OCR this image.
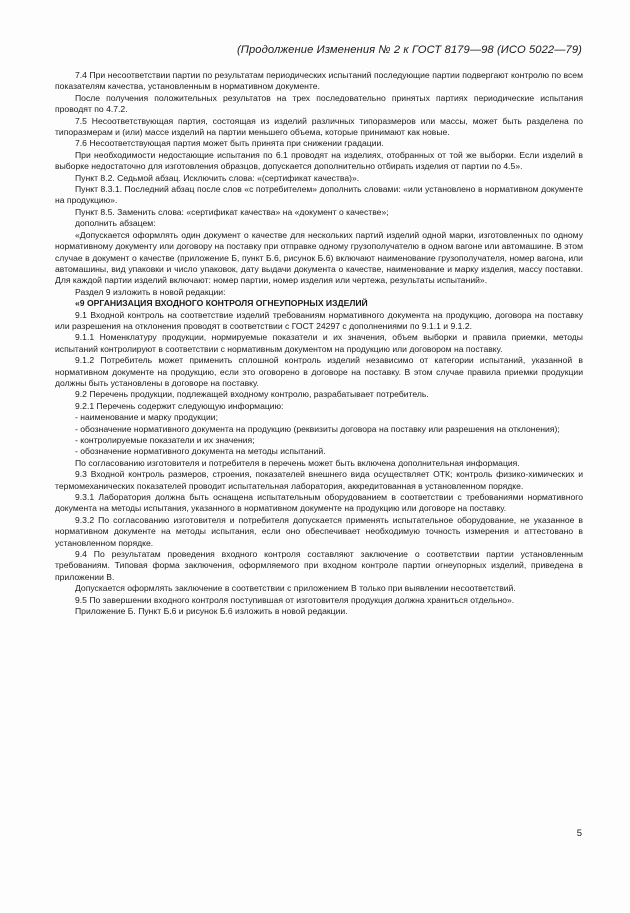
(Продолжение Изменения № 2 к ГОСТ 8179—98 (ИСО 5022—79)

7.4 При несоответствии партии по результатам периодических испытаний последующие партии подвергают контролю по всем показателям качества, установленным в нормативном документе.

После получения положительных результатов на трех последовательно принятых партиях периодические испытания проводят по 4.7.2.

7.5 Несоответствующая партия, состоящая из изделий различных типоразмеров или массы, может быть разделена по типоразмерам и (или) массе изделий на партии меньшего объема, которые принимают как новые.

7.6 Несоответствующая партия может быть принята при снижении градации.

При необходимости недостающие испытания по 6.1 проводят на изделиях, отобранных от той же выборки. Если изделий в выборке недостаточно для изготовления образцов, допускается дополнительно отбирать изделия от партии по 4.5».

Пункт 8.2. Седьмой абзац. Исключить слова: «(сертификат качества)».

Пункт 8.3.1. Последний абзац после слов «с потребителем» дополнить словами: «или установлено в нормативном документе на продукцию».

Пункт 8.5. Заменить слова: «сертификат качества» на «документ о качестве»;

дополнить абзацем:

«Допускается оформлять один документ о качестве для нескольких партий изделий одной марки, изготовленных по одному нормативному документу или договору на поставку при отправке одному грузополучателю в одном вагоне или автомашине. В этом случае в документ о качестве (приложение Б, пункт Б.6, рисунок Б.6) включают наименование грузополучателя, номер вагона, или автомашины, вид упаковки и число упаковок, дату выдачи документа о качестве, наименование и марку изделия, массу поставки. Для каждой партии изделий включают: номер партии, номер изделия или чертежа, результаты испытаний».

Раздел 9 изложить в новой редакции:

«9 ОРГАНИЗАЦИЯ ВХОДНОГО КОНТРОЛЯ ОГНЕУПОРНЫХ ИЗДЕЛИЙ

9.1 Входной контроль на соответствие изделий требованиям нормативного документа на продукцию, договора на поставку или разрешения на отклонения проводят в соответствии с ГОСТ 24297 с дополнениями по 9.1.1 и 9.1.2.

9.1.1 Номенклатуру продукции, нормируемые показатели и их значения, объем выборки и правила приемки, методы испытаний контролируют в соответствии с нормативным документом на продукцию или договором на поставку.

9.1.2 Потребитель может применить сплошной контроль изделий независимо от категории испытаний, указанной в нормативном документе на продукцию, если это оговорено в договоре на поставку. В этом случае правила приемки продукции должны быть установлены в договоре на поставку.

9.2 Перечень продукции, подлежащей входному контролю, разрабатывает потребитель.

9.2.1 Перечень содержит следующую информацию:

- наименование и марку продукции;

- обозначение нормативного документа на продукцию (реквизиты договора на поставку или разрешения на отклонения);

- контролируемые показатели и их значения;

- обозначение нормативного документа на методы испытаний.

По согласованию изготовителя и потребителя в перечень может быть включена дополнительная информация.

9.3 Входной контроль размеров, строения, показателей внешнего вида осуществляет ОТК; контроль физико-химических и термомеханических показателей проводит испытательная лаборатория, аккредитованная в установленном порядке.

9.3.1 Лаборатория должна быть оснащена испытательным оборудованием в соответствии с требованиями нормативного документа на методы испытания, указанного в нормативном документе на продукцию или договоре на поставку.

9.3.2 По согласованию изготовителя и потребителя допускается применять испытательное оборудование, не указанное в нормативном документе на методы испытания, если оно обеспечивает необходимую точность измерения и аттестовано в установленном порядке.

9.4 По результатам проведения входного контроля составляют заключение о соответствии партии установленным требованиям. Типовая форма заключения, оформляемого при входном контроле партии огнеупорных изделий, приведена в приложении В.

Допускается оформлять заключение в соответствии с приложением В только при выявлении несоответствий.

9.5 По завершении входного контроля поступившая от изготовителя продукция должна храниться отдельно».

Приложение Б. Пункт Б.6 и рисунок Б.6 изложить в новой редакции.

5
